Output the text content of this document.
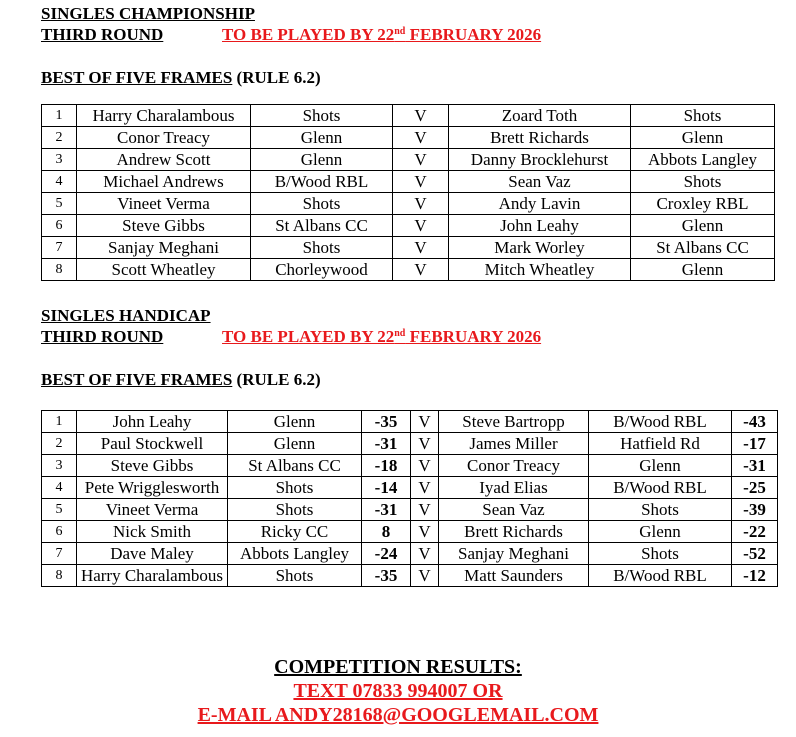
SINGLES CHAMPIONSHIP
THIRD ROUND	TO BE PLAYED BY 22nd FEBRUARY 2026
BEST OF FIVE FRAMES (RULE 6.2)
1	Harry Charalambous	Shots	V	Zoard Toth	Shots
2	Conor Treacy	Glenn	V	Brett Richards	Glenn
3	Andrew Scott	Glenn	V	Danny Brocklehurst	Abbots Langley
4	Michael Andrews	B/Wood RBL	V	Sean Vaz	Shots
5	Vineet Verma	Shots	V	Andy Lavin	Croxley RBL
6	Steve Gibbs	St Albans CC	V	John Leahy	Glenn
7	Sanjay Meghani	Shots	V	Mark Worley	St Albans CC
8	Scott Wheatley	Chorleywood	V	Mitch Wheatley	Glenn
SINGLES HANDICAP
THIRD ROUND	TO BE PLAYED BY 22nd FEBRUARY 2026
BEST OF FIVE FRAMES (RULE 6.2)
1	John Leahy	Glenn	-35	V	Steve Bartropp	B/Wood RBL	-43
2	Paul Stockwell	Glenn	-31	V	James Miller	Hatfield Rd	-17
3	Steve Gibbs	St Albans CC	-18	V	Conor Treacy	Glenn	-31
4	Pete Wrigglesworth	Shots	-14	V	Iyad Elias	B/Wood RBL	-25
5	Vineet Verma	Shots	-31	V	Sean Vaz	Shots	-39
6	Nick Smith	Ricky CC	8	V	Brett Richards	Glenn	-22
7	Dave Maley	Abbots Langley	-24	V	Sanjay Meghani	Shots	-52
8	Harry Charalambous	Shots	-35	V	Matt Saunders	B/Wood RBL	-12
COMPETITION RESULTS:
TEXT 07833 994007 OR
E-MAIL ANDY28168@GOOGLEMAIL.COM
